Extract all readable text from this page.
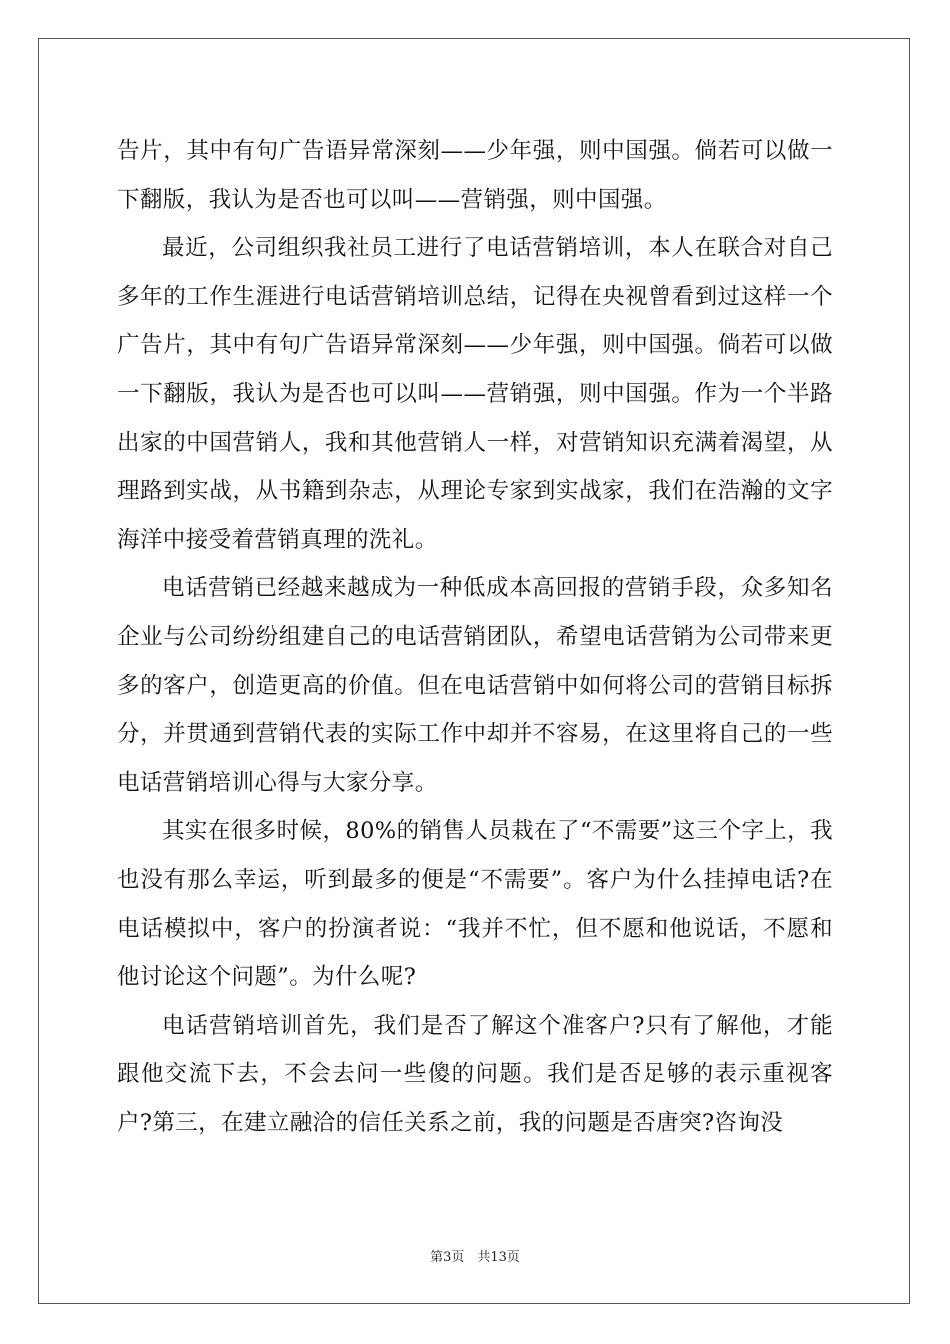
告片，其中有句广告语异常深刻——少年强，则中国强。倘若可以做一下翻版，我认为是否也可以叫——营销强，则中国强。

最近，公司组织我社员工进行了电话营销培训，本人在联合对自己多年的工作生涯进行电话营销培训总结，记得在央视曾看到过这样一个广告片，其中有句广告语异常深刻——少年强，则中国强。倘若可以做一下翻版，我认为是否也可以叫——营销强，则中国强。作为一个半路出家的中国营销人，我和其他营销人一样，对营销知识充满着渴望，从理路到实战，从书籍到杂志，从理论专家到实战家，我们在浩瀚的文字海洋中接受着营销真理的洗礼。

电话营销已经越来越成为一种低成本高回报的营销手段，众多知名企业与公司纷纷组建自己的电话营销团队，希望电话营销为公司带来更多的客户，创造更高的价值。但在电话营销中如何将公司的营销目标拆分，并贯通到营销代表的实际工作中却并不容易，在这里将自己的一些电话营销培训心得与大家分享。

其实在很多时候，80%的销售人员栽在了“不需要”这三个字上，我也没有那么幸运，听到最多的便是“不需要”。客户为什么挂掉电话?在电话模拟中，客户的扮演者说：“我并不忙，但不愿和他说话，不愿和他讨论这个问题”。为什么呢?

电话营销培训首先，我们是否了解这个准客户?只有了解他，才能跟他交流下去，不会去问一些傻的问题。我们是否足够的表示重视客户?第三，在建立融洽的信任关系之前，我的问题是否唐突?咨询没

第3页　共13页
